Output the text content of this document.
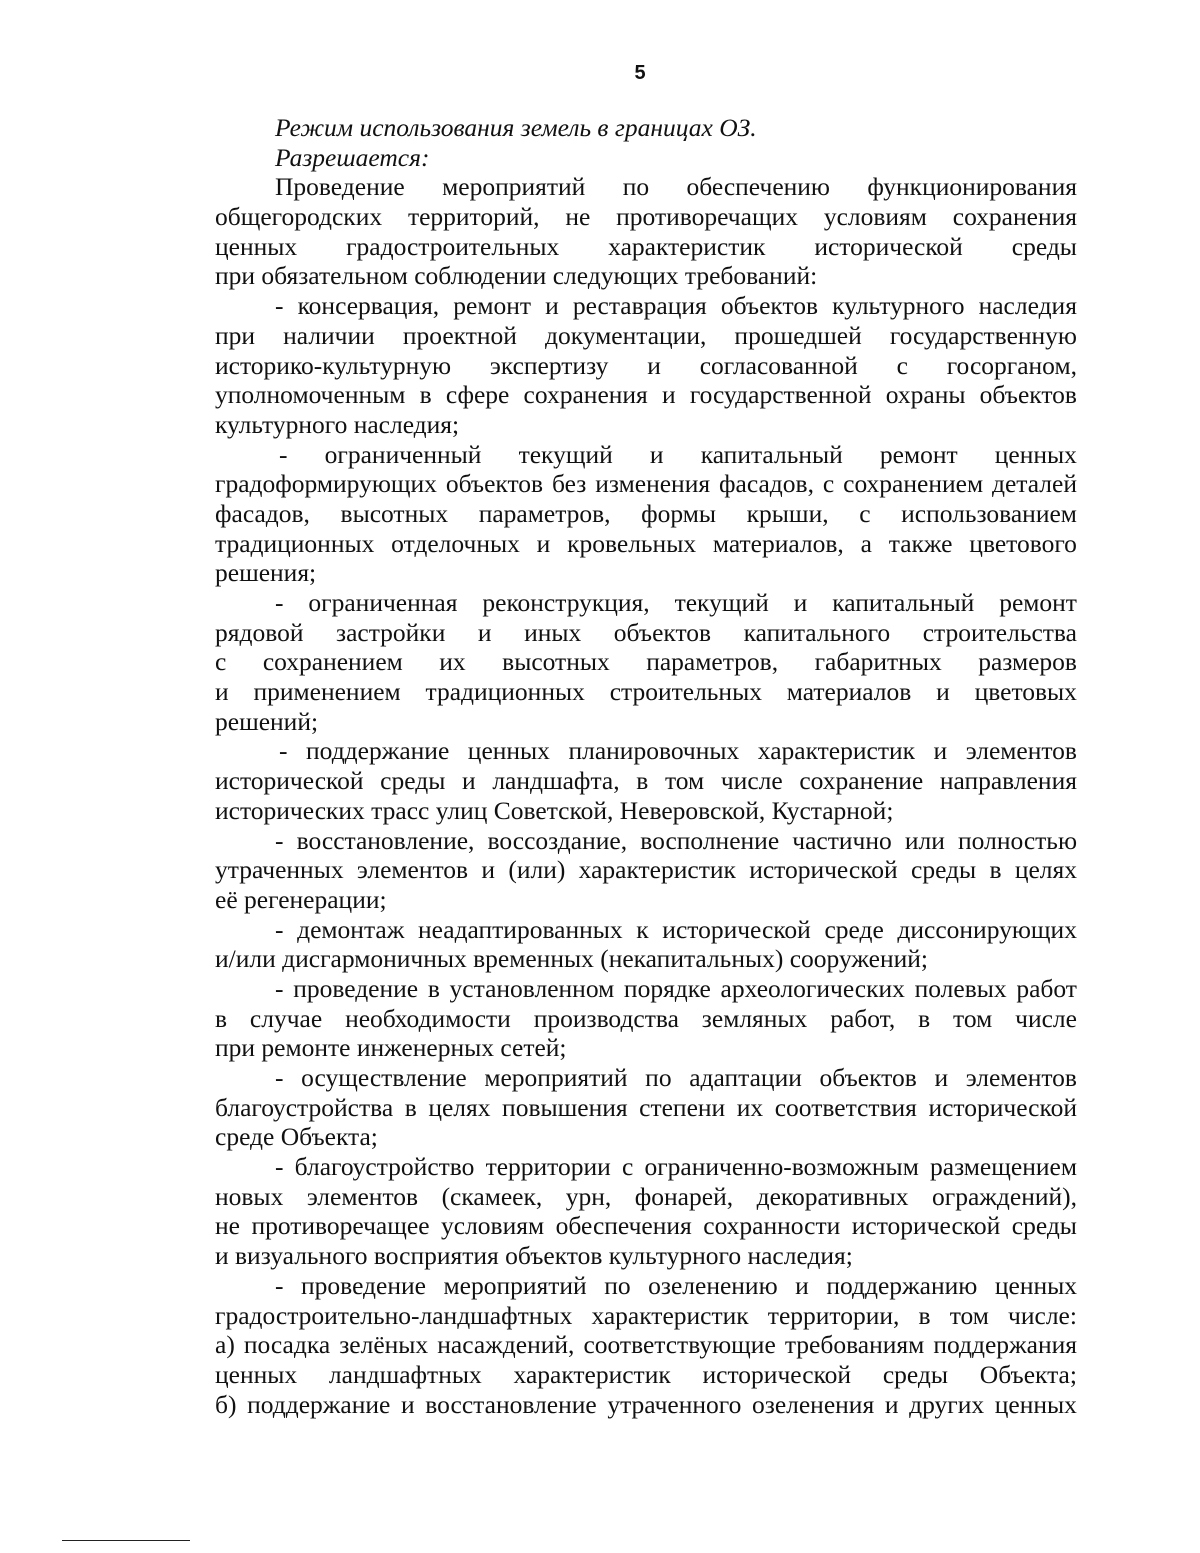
5
Режим использования земель в границах ОЗ.
Разрешается:
Проведение мероприятий по обеспечению функционирования
общегородских территорий, не противоречащих условиям сохранения
ценных градостроительных характеристик исторической среды
при обязательном соблюдении следующих требований:
- консервация, ремонт и реставрация объектов культурного наследия
при наличии проектной документации, прошедшей государственную
историко-культурную экспертизу и согласованной с госорганом,
уполномоченным в сфере сохранения и государственной охраны объектов
культурного наследия;
- ограниченный текущий и капитальный ремонт ценных
градоформирующих объектов без изменения фасадов, с сохранением деталей
фасадов, высотных параметров, формы крыши, с использованием
традиционных отделочных и кровельных материалов, а также цветового
решения;
- ограниченная реконструкция, текущий и капитальный ремонт
рядовой застройки и иных объектов капитального строительства
с сохранением их высотных параметров, габаритных размеров
и применением традиционных строительных материалов и цветовых
решений;
- поддержание ценных планировочных характеристик и элементов
исторической среды и ландшафта, в том числе сохранение направления
исторических трасс улиц Советской, Неверовской, Кустарной;
- восстановление, воссоздание, восполнение частично или полностью
утраченных элементов и (или) характеристик исторической среды в целях
её регенерации;
- демонтаж неадаптированных к исторической среде диссонирующих
и/или дисгармоничных временных (некапитальных) сооружений;
- проведение в установленном порядке археологических полевых работ
в случае необходимости производства земляных работ, в том числе
при ремонте инженерных сетей;
- осуществление мероприятий по адаптации объектов и элементов
благоустройства в целях повышения степени их соответствия исторической
среде Объекта;
- благоустройство территории с ограниченно-возможным размещением
новых элементов (скамеек, урн, фонарей, декоративных ограждений),
не противоречащее условиям обеспечения сохранности исторической среды
и визуального восприятия объектов культурного наследия;
- проведение мероприятий по озеленению и поддержанию ценных
градостроительно-ландшафтных характеристик территории, в том числе:
а) посадка зелёных насаждений, соответствующие требованиям поддержания
ценных ландшафтных характеристик исторической среды Объекта;
б) поддержание и восстановление утраченного озеленения и других ценных
